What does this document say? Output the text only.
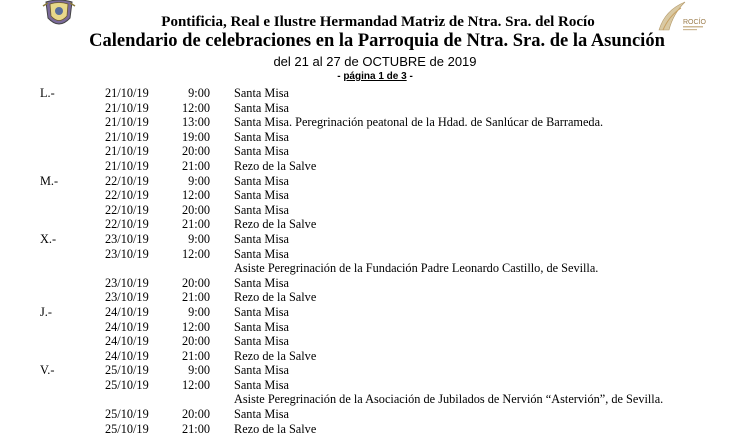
ROCÍO
Pontificia, Real e Ilustre Hermandad Matriz de Ntra. Sra. del Rocío
Calendario de celebraciones en la Parroquia de Ntra. Sra. de la Asunción
del 21 al 27 de OCTUBRE de 2019
- página 1 de 3 -
L.-	21/10/19	9:00 Santa Misa
21/10/19	12:00 Santa Misa
21/10/19	13:00 Santa Misa. Peregrinación peatonal de la Hdad. de Sanlúcar de Barrameda.
21/10/19	19:00 Santa Misa
21/10/19	20:00 Santa Misa
21/10/19	21:00 Rezo de la Salve
M.-	22/10/19	9:00 Santa Misa
22/10/19	12:00 Santa Misa
22/10/19	20:00 Santa Misa
22/10/19	21:00 Rezo de la Salve
X.-	23/10/19	9:00 Santa Misa
23/10/19	12:00 Santa Misa
Asiste Peregrinación de la Fundación Padre Leonardo Castillo, de Sevilla.
23/10/19	20:00 Santa Misa
23/10/19	21:00 Rezo de la Salve
J.-	24/10/19	9:00 Santa Misa
24/10/19	12:00 Santa Misa
24/10/19	20:00 Santa Misa
24/10/19	21:00 Rezo de la Salve
V.-	25/10/19	9:00 Santa Misa
25/10/19	12:00 Santa Misa
Asiste Peregrinación de la Asociación de Jubilados de Nervión “Astervión”, de Sevilla.
25/10/19	20:00 Santa Misa
25/10/19	21:00 Rezo de la Salve
